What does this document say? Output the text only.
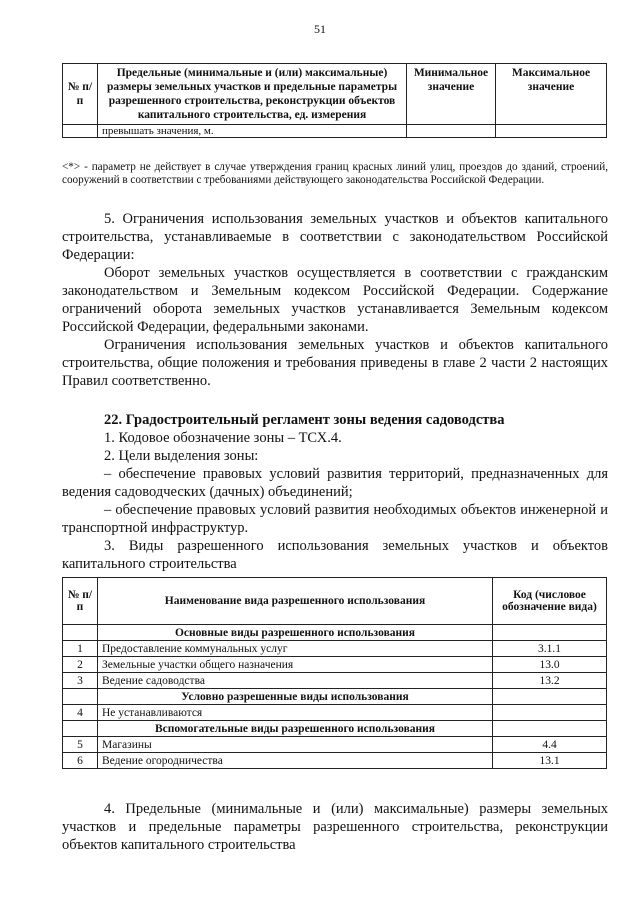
51
№ п/п	Предельные (минимальные и (или) максимальные) размеры земельных участков и предельные параметры разрешенного строительства, реконструкции объектов капитального строительства, ед. измерения	Минимальное значение	Максимальное значение
	превышать значения, м.		
<*> - параметр не действует в случае утверждения границ красных линий улиц, проездов до зданий, строений, сооружений в соответствии с требованиями действующего законодательства Российской Федерации.

5. Ограничения использования земельных участков и объектов капитального строительства, устанавливаемые в соответствии с законодательством Российской Федерации:

Оборот земельных участков осуществляется в соответствии с гражданским законодательством и Земельным кодексом Российской Федерации. Содержание ограничений оборота земельных участков устанавливается Земельным кодексом Российской Федерации, федеральными законами.

Ограничения использования земельных участков и объектов капитального строительства, общие положения и требования приведены в главе 2 части 2 настоящих Правил соответственно.

22. Градостроительный регламент зоны ведения садоводства

1. Кодовое обозначение зоны – ТСХ.4.

2. Цели выделения зоны:

– обеспечение правовых условий развития территорий, предназначенных для ведения садоводческих (дачных) объединений;

– обеспечение правовых условий развития необходимых объектов инженерной и транспортной инфраструктур.

3. Виды разрешенного использования земельных участков и объектов капитального строительства

№ п/п	Наименование вида разрешенного использования	Код (числовое обозначение вида)
	Основные виды разрешенного использования	
1	Предоставление коммунальных услуг	3.1.1
2	Земельные участки общего назначения	13.0
3	Ведение садоводства	13.2
	Условно разрешенные виды использования	
4	Не устанавливаются	
	Вспомогательные виды разрешенного использования	
5	Магазины	4.4
6	Ведение огородничества	13.1

4. Предельные (минимальные и (или) максимальные) размеры земельных участков и предельные параметры разрешенного строительства, реконструкции объектов капитального строительства
